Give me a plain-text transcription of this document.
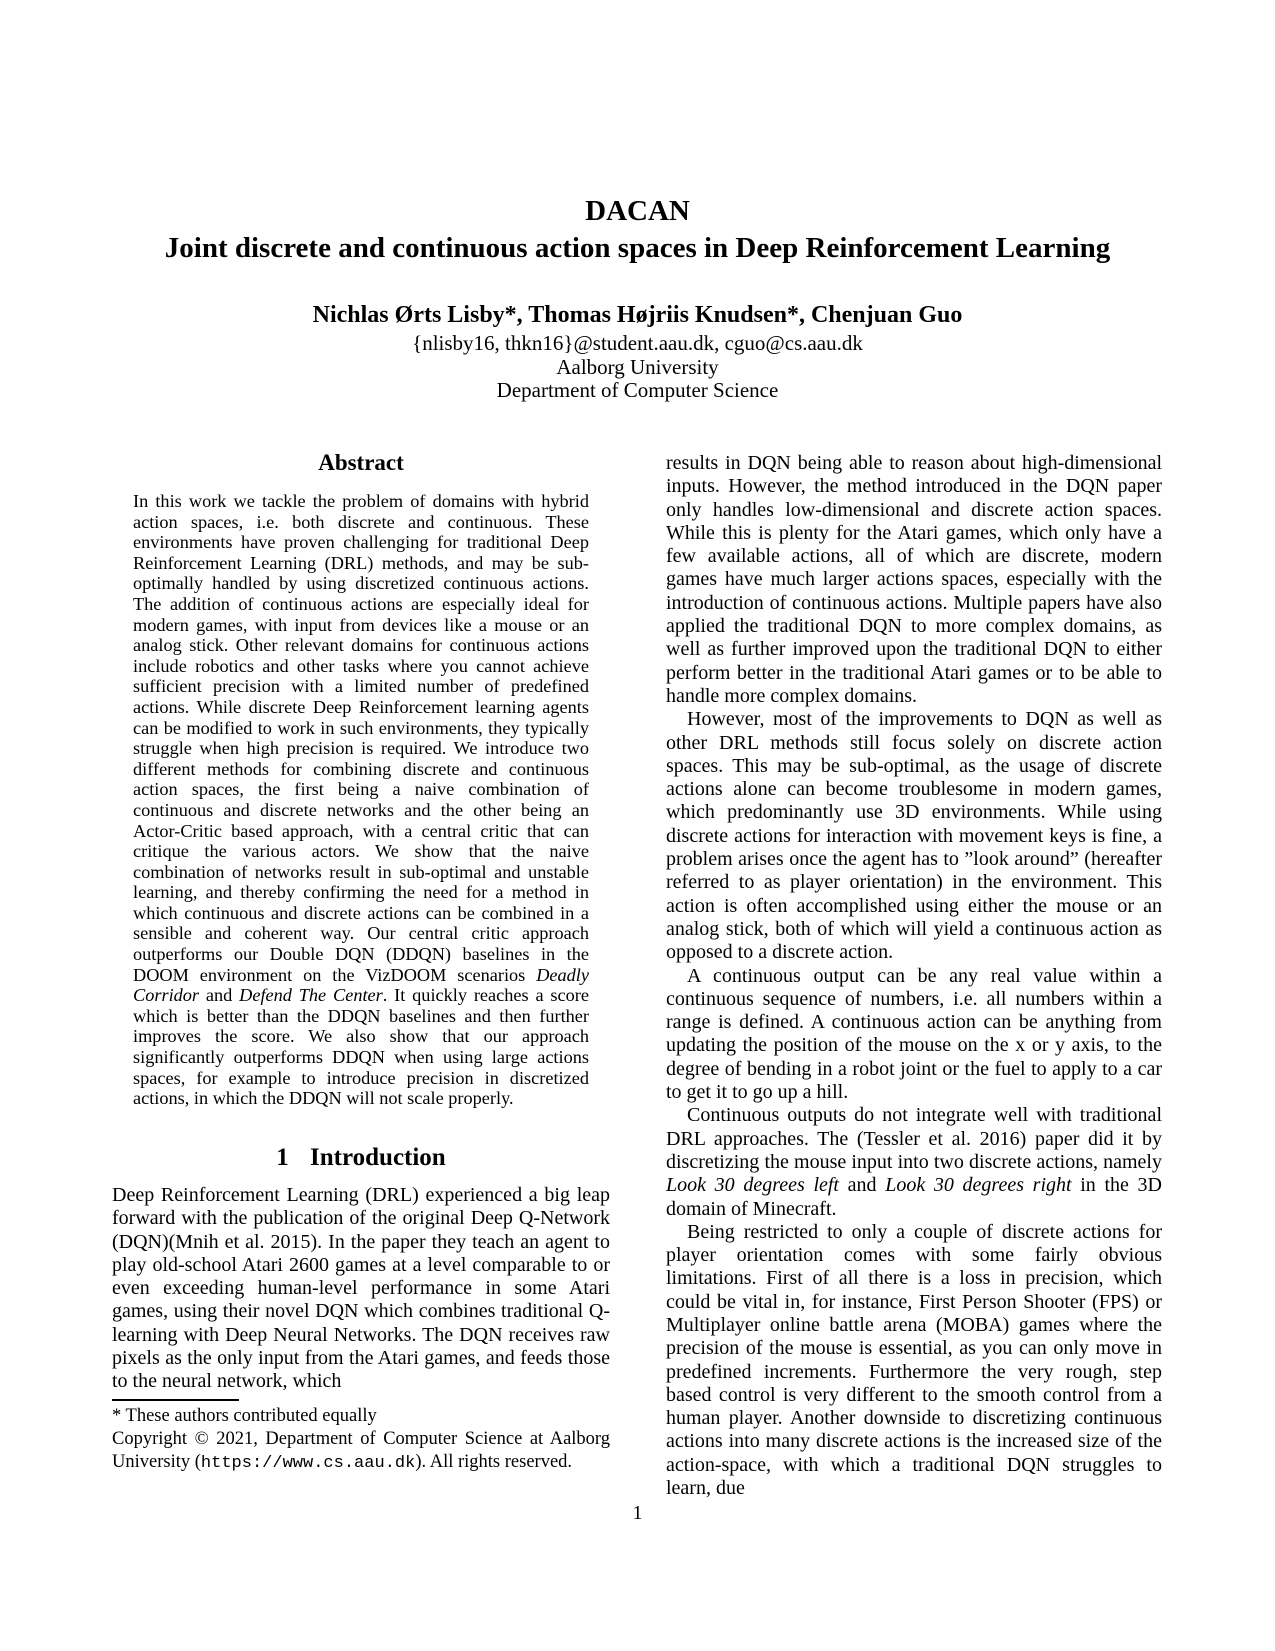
DACAN
Joint discrete and continuous action spaces in Deep Reinforcement Learning
Nichlas Ørts Lisby*, Thomas Højriis Knudsen*, Chenjuan Guo
{nlisby16, thkn16}@student.aau.dk, cguo@cs.aau.dk
Aalborg University
Department of Computer Science
Abstract
In this work we tackle the problem of domains with hybrid action spaces, i.e. both discrete and continuous. These environments have proven challenging for traditional Deep Reinforcement Learning (DRL) methods, and may be sub-optimally handled by using discretized continuous actions. The addition of continuous actions are especially ideal for modern games, with input from devices like a mouse or an analog stick. Other relevant domains for continuous actions include robotics and other tasks where you cannot achieve sufficient precision with a limited number of predefined actions. While discrete Deep Reinforcement learning agents can be modified to work in such environments, they typically struggle when high precision is required. We introduce two different methods for combining discrete and continuous action spaces, the first being a naive combination of continuous and discrete networks and the other being an Actor-Critic based approach, with a central critic that can critique the various actors. We show that the naive combination of networks result in sub-optimal and unstable learning, and thereby confirming the need for a method in which continuous and discrete actions can be combined in a sensible and coherent way. Our central critic approach outperforms our Double DQN (DDQN) baselines in the DOOM environment on the VizDOOM scenarios Deadly Corridor and Defend The Center. It quickly reaches a score which is better than the DDQN baselines and then further improves the score. We also show that our approach significantly outperforms DDQN when using large actions spaces, for example to introduce precision in discretized actions, in which the DDQN will not scale properly.
1 Introduction

Deep Reinforcement Learning (DRL) experienced a big leap forward with the publication of the original Deep Q-Network (DQN)(Mnih et al. 2015). In the paper they teach an agent to play old-school Atari 2600 games at a level comparable to or even exceeding human-level performance in some Atari games, using their novel DQN which combines traditional Q-learning with Deep Neural Networks. The DQN receives raw pixels as the only input from the Atari games, and feeds those to the neural network, which

* These authors contributed equally
Copyright © 2021, Department of Computer Science at Aalborg University (https://www.cs.aau.dk). All rights reserved.

results in DQN being able to reason about high-dimensional inputs. However, the method introduced in the DQN paper only handles low-dimensional and discrete action spaces. While this is plenty for the Atari games, which only have a few available actions, all of which are discrete, modern games have much larger actions spaces, especially with the introduction of continuous actions. Multiple papers have also applied the traditional DQN to more complex domains, as well as further improved upon the traditional DQN to either perform better in the traditional Atari games or to be able to handle more complex domains.

However, most of the improvements to DQN as well as other DRL methods still focus solely on discrete action spaces. This may be sub-optimal, as the usage of discrete actions alone can become troublesome in modern games, which predominantly use 3D environments. While using discrete actions for interaction with movement keys is fine, a problem arises once the agent has to ”look around” (hereafter referred to as player orientation) in the environment. This action is often accomplished using either the mouse or an analog stick, both of which will yield a continuous action as opposed to a discrete action.

A continuous output can be any real value within a continuous sequence of numbers, i.e. all numbers within a range is defined. A continuous action can be anything from updating the position of the mouse on the x or y axis, to the degree of bending in a robot joint or the fuel to apply to a car to get it to go up a hill.

Continuous outputs do not integrate well with traditional DRL approaches. The (Tessler et al. 2016) paper did it by discretizing the mouse input into two discrete actions, namely Look 30 degrees left and Look 30 degrees right in the 3D domain of Minecraft.

Being restricted to only a couple of discrete actions for player orientation comes with some fairly obvious limitations. First of all there is a loss in precision, which could be vital in, for instance, First Person Shooter (FPS) or Multiplayer online battle arena (MOBA) games where the precision of the mouse is essential, as you can only move in predefined increments. Furthermore the very rough, step based control is very different to the smooth control from a human player. Another downside to discretizing continuous actions into many discrete actions is the increased size of the action-space, with which a traditional DQN struggles to learn, due

1
